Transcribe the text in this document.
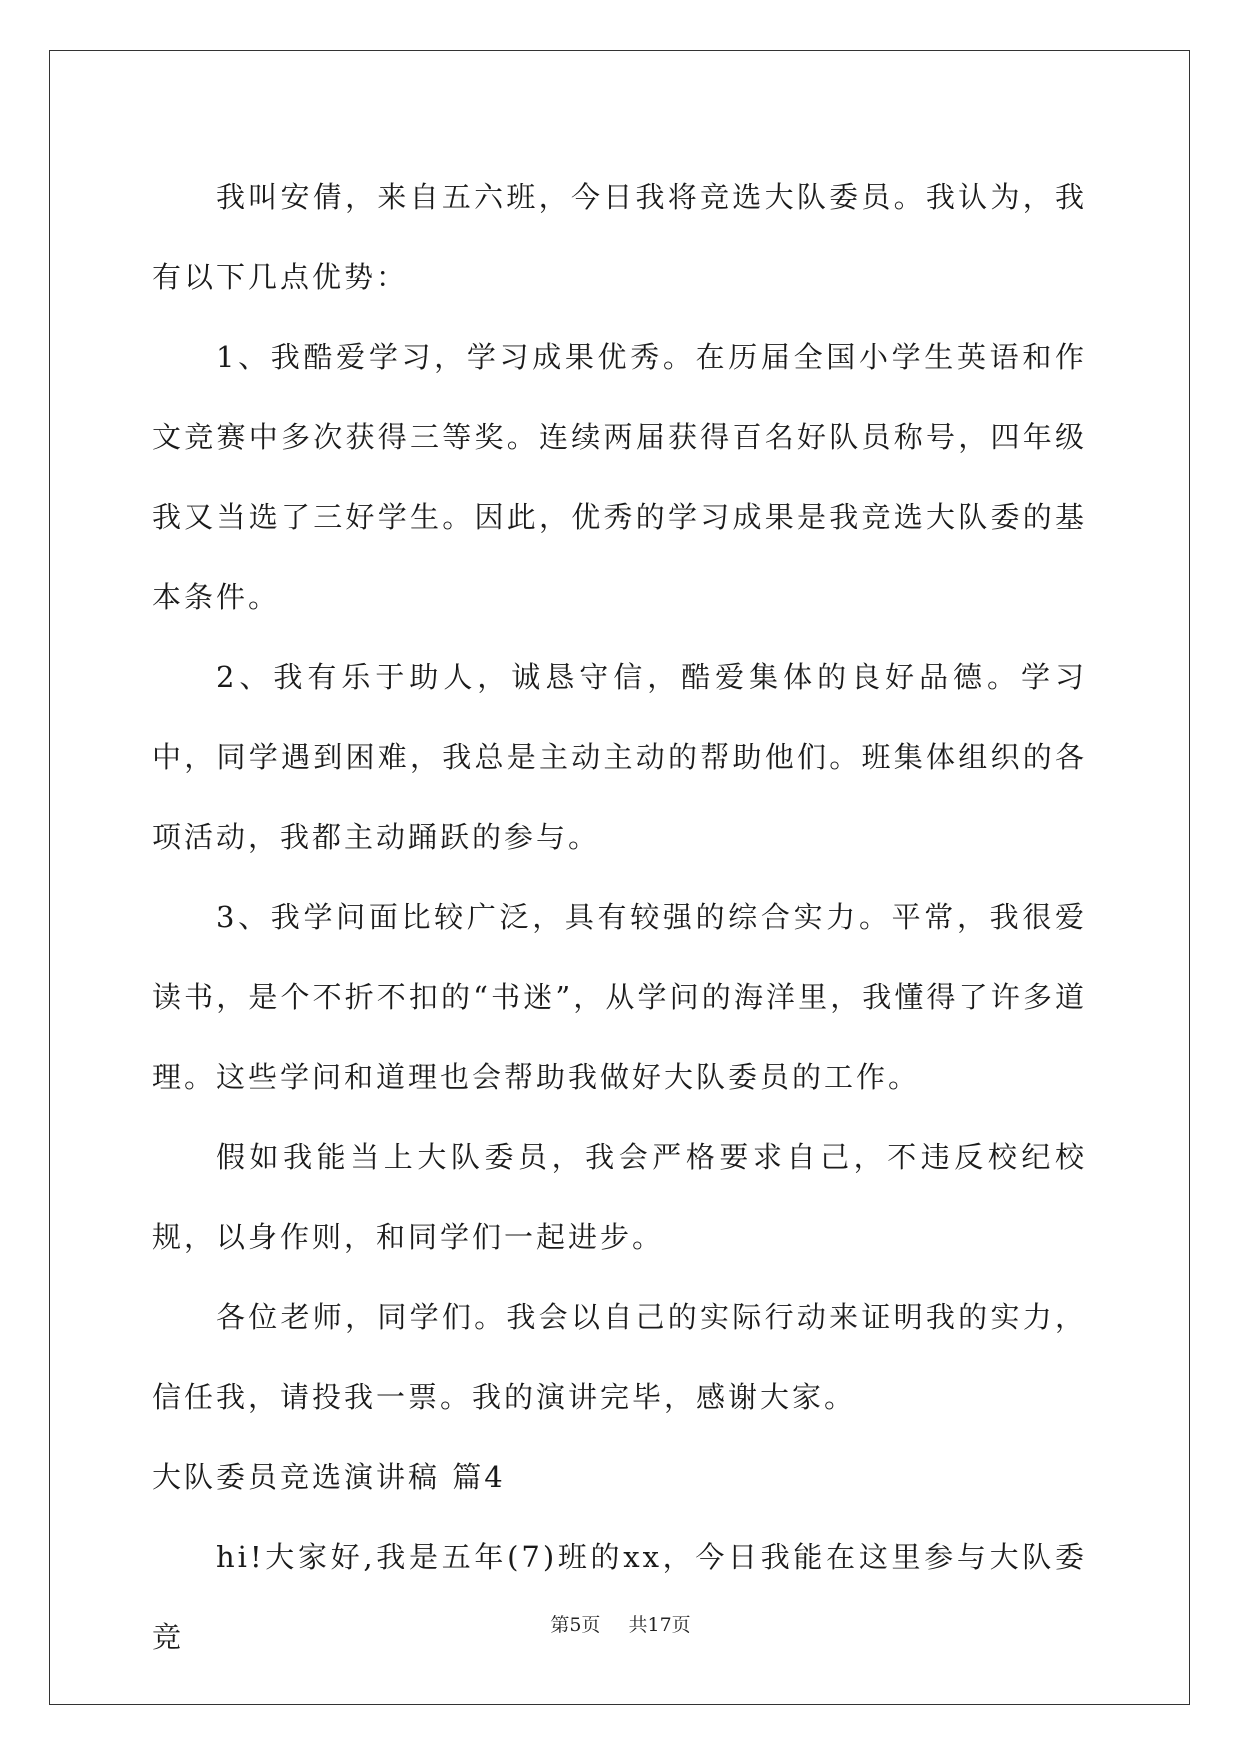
我叫安倩，来自五六班，今日我将竞选大队委员。我认为，我有以下几点优势：

1、我酷爱学习，学习成果优秀。在历届全国小学生英语和作文竞赛中多次获得三等奖。连续两届获得百名好队员称号，四年级我又当选了三好学生。因此，优秀的学习成果是我竞选大队委的基本条件。

2、我有乐于助人，诚恳守信，酷爱集体的良好品德。学习中，同学遇到困难，我总是主动主动的帮助他们。班集体组织的各项活动，我都主动踊跃的参与。

3、我学问面比较广泛，具有较强的综合实力。平常，我很爱读书，是个不折不扣的“书迷”，从学问的海洋里，我懂得了许多道理。这些学问和道理也会帮助我做好大队委员的工作。

假如我能当上大队委员，我会严格要求自己，不违反校纪校规，以身作则，和同学们一起进步。

各位老师，同学们。我会以自己的实际行动来证明我的实力，信任我，请投我一票。我的演讲完毕，感谢大家。

大队委员竞选演讲稿 篇4

hi!大家好,我是五年(7)班的xx，今日我能在这里参与大队委竞	第5页 共17页
